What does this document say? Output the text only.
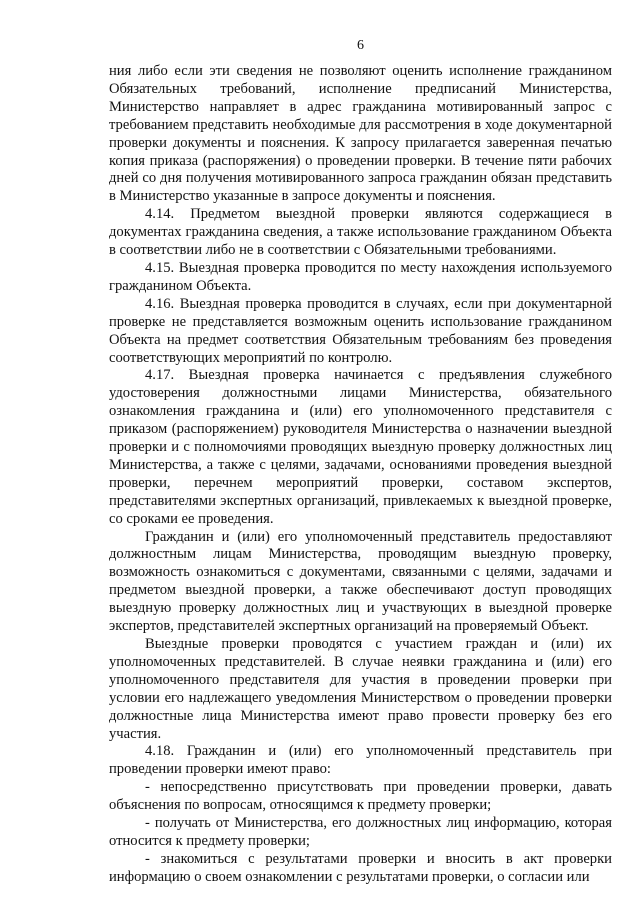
6

ния либо если эти сведения не позволяют оценить исполнение гражданином Обязательных требований, исполнение предписаний Министерства, Министерство направляет в адрес гражданина мотивированный запрос с требованием представить необходимые для рассмотрения в ходе документарной проверки документы и пояснения. К запросу прилагается заверенная печатью копия приказа (распоряжения) о проведении проверки. В течение пяти рабочих дней со дня получения мотивированного запроса гражданин обязан представить в Министерство указанные в запросе документы и пояснения.

4.14. Предметом выездной проверки являются содержащиеся в документах гражданина сведения, а также использование гражданином Объекта в соответствии либо не в соответствии с Обязательными требованиями.

4.15. Выездная проверка проводится по месту нахождения используемого гражданином Объекта.

4.16. Выездная проверка проводится в случаях, если при документарной проверке не представляется возможным оценить использование гражданином Объекта на предмет соответствия Обязательным требованиям без проведения соответствующих мероприятий по контролю.

4.17. Выездная проверка начинается с предъявления служебного удостоверения должностными лицами Министерства, обязательного ознакомления гражданина и (или) его уполномоченного представителя с приказом (распоряжением) руководителя Министерства о назначении выездной проверки и с полномочиями проводящих выездную проверку должностных лиц Министерства, а также с целями, задачами, основаниями проведения выездной проверки, перечнем мероприятий проверки, составом экспертов, представителями экспертных организаций, привлекаемых к выездной проверке, со сроками ее проведения.

Гражданин и (или) его уполномоченный представитель предоставляют должностным лицам Министерства, проводящим выездную проверку, возможность ознакомиться с документами, связанными с целями, задачами и предметом выездной проверки, а также обеспечивают доступ проводящих выездную проверку должностных лиц и участвующих в выездной проверке экспертов, представителей экспертных организаций на проверяемый Объект.

Выездные проверки проводятся с участием граждан и (или) их уполномоченных представителей. В случае неявки гражданина и (или) его уполномоченного представителя для участия в проведении проверки при условии его надлежащего уведомления Министерством о проведении проверки должностные лица Министерства имеют право провести проверку без его участия.

4.18. Гражданин и (или) его уполномоченный представитель при проведении проверки имеют право:

- непосредственно присутствовать при проведении проверки, давать объяснения по вопросам, относящимся к предмету проверки;

- получать от Министерства, его должностных лиц информацию, которая относится к предмету проверки;

- знакомиться с результатами проверки и вносить в акт проверки информацию о своем ознакомлении с результатами проверки, о согласии или
